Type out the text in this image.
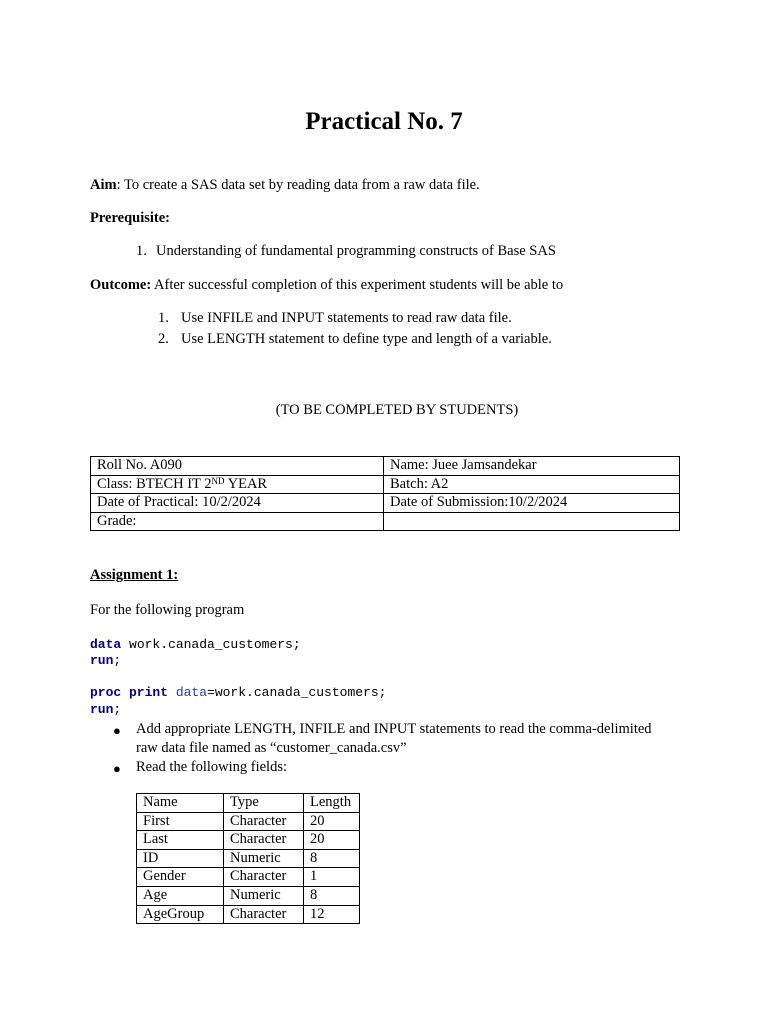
Practical No. 7
Aim: To create a SAS data set by reading data from a raw data file.
Prerequisite:
1. Understanding of fundamental programming constructs of Base SAS
Outcome: After successful completion of this experiment students will be able to
1. Use INFILE and INPUT statements to read raw data file.
2. Use LENGTH statement to define type and length of a variable.
(TO BE COMPLETED BY STUDENTS)
Roll No. A090	Name: Juee Jamsandekar
Class: BTECH IT 2ND YEAR	Batch: A2
Date of Practical: 10/2/2024	Date of Submission:10/2/2024
Grade:	
Assignment 1:
For the following program
data work.canada_customers;
run;
proc print data=work.canada_customers;
run;
● Add appropriate LENGTH, INFILE and INPUT statements to read the comma-delimited
raw data file named as “customer_canada.csv”
● Read the following fields:
Name	Type	Length
First	Character	20
Last	Character	20
ID	Numeric	8
Gender	Character	1
Age	Numeric	8
AgeGroup	Character	12
